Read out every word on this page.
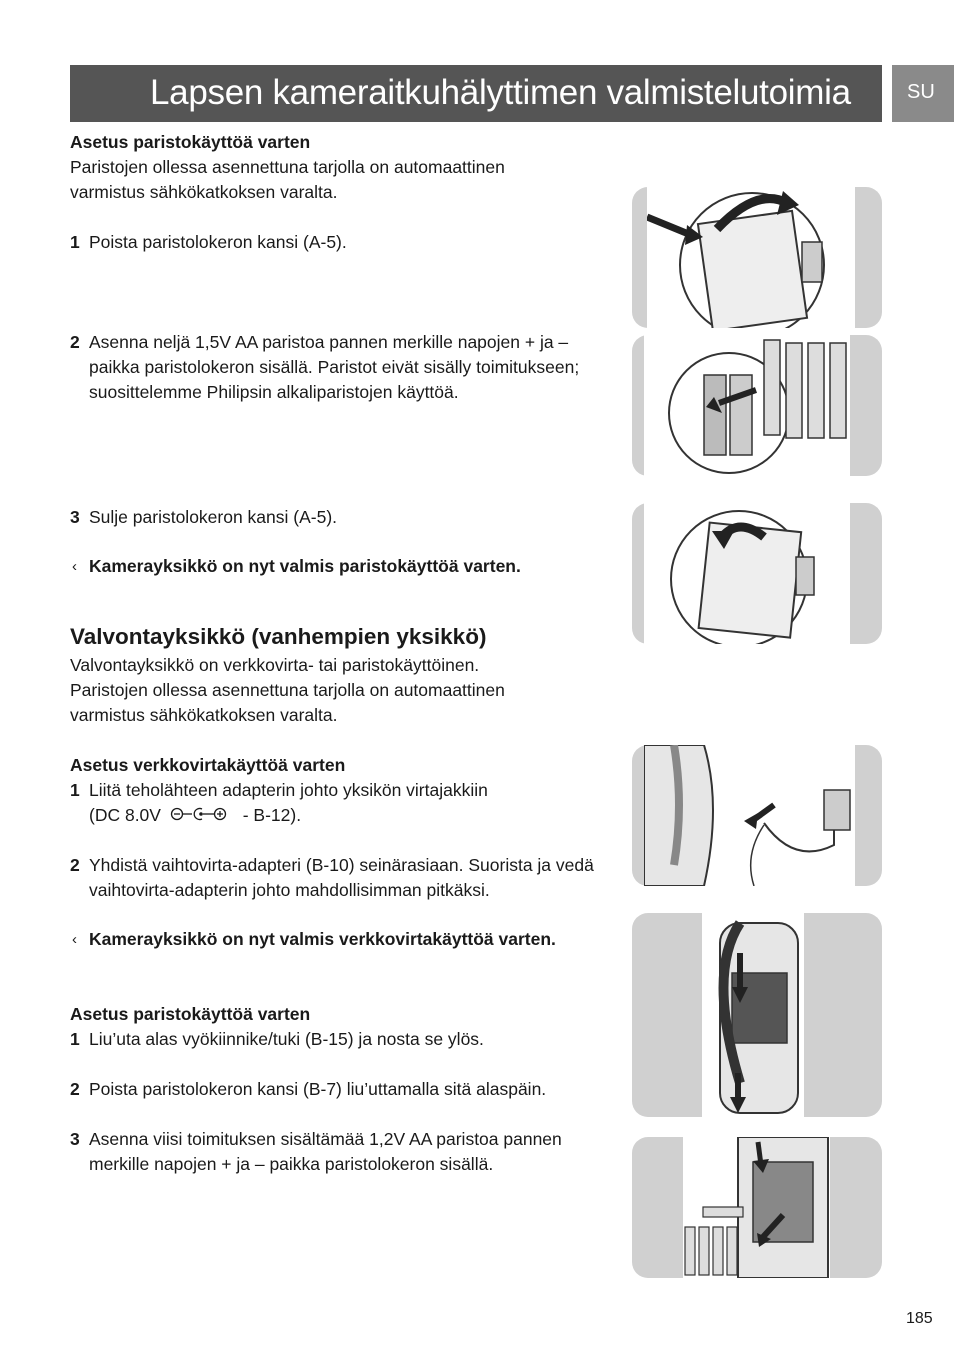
Lapsen kameraitkuhälyttimen valmistelutoimia	SU
Asetus paristokäyttöä varten
Paristojen ollessa asennettuna tarjolla on automaattinen
varmistus sähkökatkoksen varalta.
1 Poista paristolokeron kansi (A-5).
2 Asenna neljä 1,5V AA paristoa pannen merkille napojen + ja – paikka paristolokeron sisällä. Paristot eivät sisälly toimitukseen; suosittelemme Philipsin alkaliparistojen käyttöä.
3 Sulje paristolokeron kansi (A-5).
‹ Kamerayksikkö on nyt valmis paristokäyttöä varten.
Valvontayksikkö (vanhempien yksikkö)
Valvontayksikkö on verkkovirta- tai paristokäyttöinen.
Paristojen ollessa asennettuna tarjolla on automaattinen
varmistus sähkökatkoksen varalta.
Asetus verkkovirtakäyttöä varten
1 Liitä teholähteen adapterin johto yksikön virtajakkiin
(DC 8.0V	- B-12).
2 Yhdistä vaihtovirta-adapteri (B-10) seinärasiaan. Suorista ja vedä vaihtovirta-adapterin johto mahdollisimman pitkäksi.
‹ Kamerayksikkö on nyt valmis verkkovirtakäyttöä varten.
Asetus paristokäyttöä varten
1 Liu’uta alas vyökiinnike/tuki (B-15) ja nosta se ylös.
2 Poista paristolokeron kansi (B-7) liu’uttamalla sitä alaspäin.
3 Asenna viisi toimituksen sisältämää 1,2V AA paristoa pannen merkille napojen + ja – paikka paristolokeron sisällä.
185
